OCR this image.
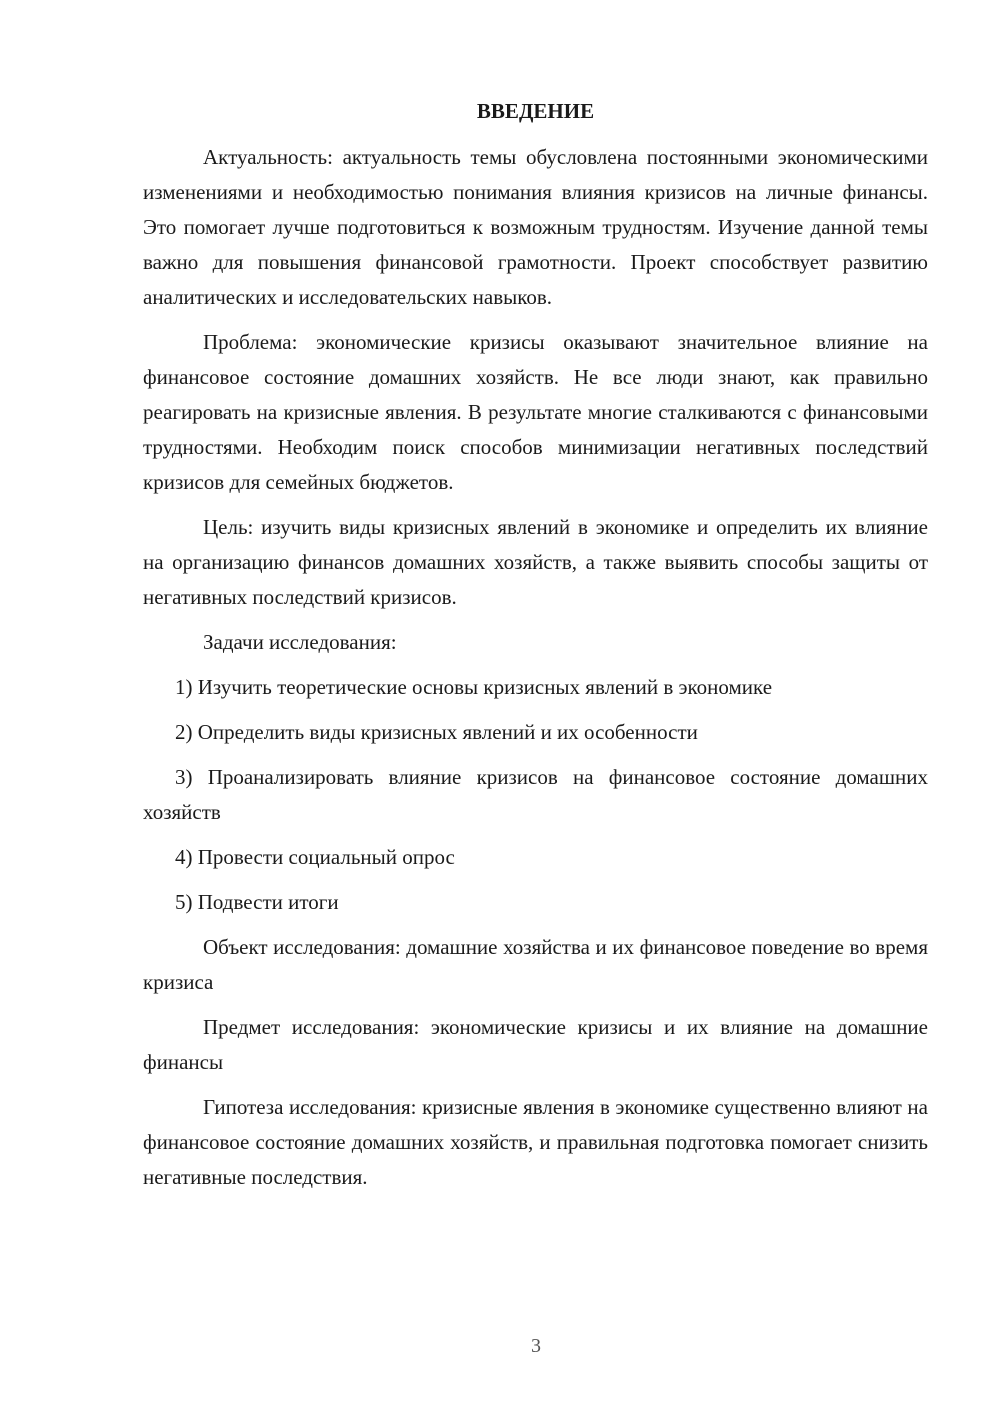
ВВЕДЕНИЕ

Актуальность: актуальность темы обусловлена постоянными экономическими изменениями и необходимостью понимания влияния кризисов на личные финансы. Это помогает лучше подготовиться к возможным трудностям. Изучение данной темы важно для повышения финансовой грамотности. Проект способствует развитию аналитических и исследовательских навыков.

Проблема: экономические кризисы оказывают значительное влияние на финансовое состояние домашних хозяйств. Не все люди знают, как правильно реагировать на кризисные явления. В результате многие сталкиваются с финансовыми трудностями. Необходим поиск способов минимизации негативных последствий кризисов для семейных бюджетов.

Цель: изучить виды кризисных явлений в экономике и определить их влияние на организацию финансов домашних хозяйств, а также выявить способы защиты от негативных последствий кризисов.

Задачи исследования:

1) Изучить теоретические основы кризисных явлений в экономике

2) Определить виды кризисных явлений и их особенности

3) Проанализировать влияние кризисов на финансовое состояние домашних хозяйств

4) Провести социальный опрос

5) Подвести итоги

Объект исследования: домашние хозяйства и их финансовое поведение во время кризиса

Предмет исследования: экономические кризисы и их влияние на домашние финансы

Гипотеза исследования: кризисные явления в экономике существенно влияют на финансовое состояние домашних хозяйств, и правильная подготовка помогает снизить негативные последствия.

3
